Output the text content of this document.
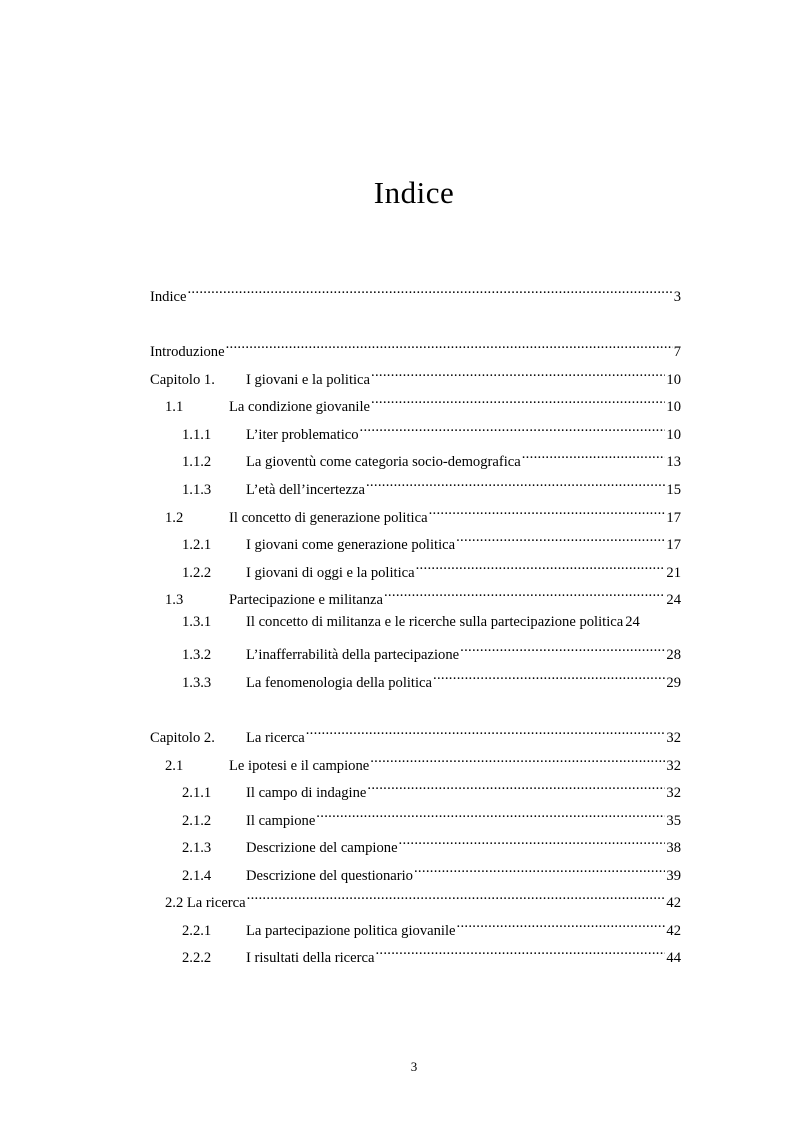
Indice
Indice .....	3
Introduzione .....	7
Capitolo 1.	I giovani e la politica .....	10
1.1	La condizione giovanile .....	10
1.1.1	L’iter problematico .....	10
1.1.2	La gioventù come categoria socio-demografica .....	13
1.1.3	L’età dell’incertezza .....	15
1.2	Il concetto di generazione politica .....	17
1.2.1	I giovani come generazione politica .....	17
1.2.2	I giovani di oggi e la politica .....	21
1.3	Partecipazione e militanza .....	24
1.3.1	Il concetto di militanza e le ricerche sulla partecipazione politica 24
1.3.2	L’inafferrabilità della partecipazione .....	28
1.3.3	La fenomenologia della politica .....	29
Capitolo 2.	La ricerca .....	32
2.1	Le ipotesi e il campione .....	32
2.1.1	Il campo di indagine .....	32
2.1.2	Il campione .....	35
2.1.3	Descrizione del campione .....	38
2.1.4	Descrizione del questionario .....	39
2.2 La ricerca .....	42
2.2.1	La partecipazione politica giovanile .....	42
2.2.2	I risultati della ricerca .....	44
3
